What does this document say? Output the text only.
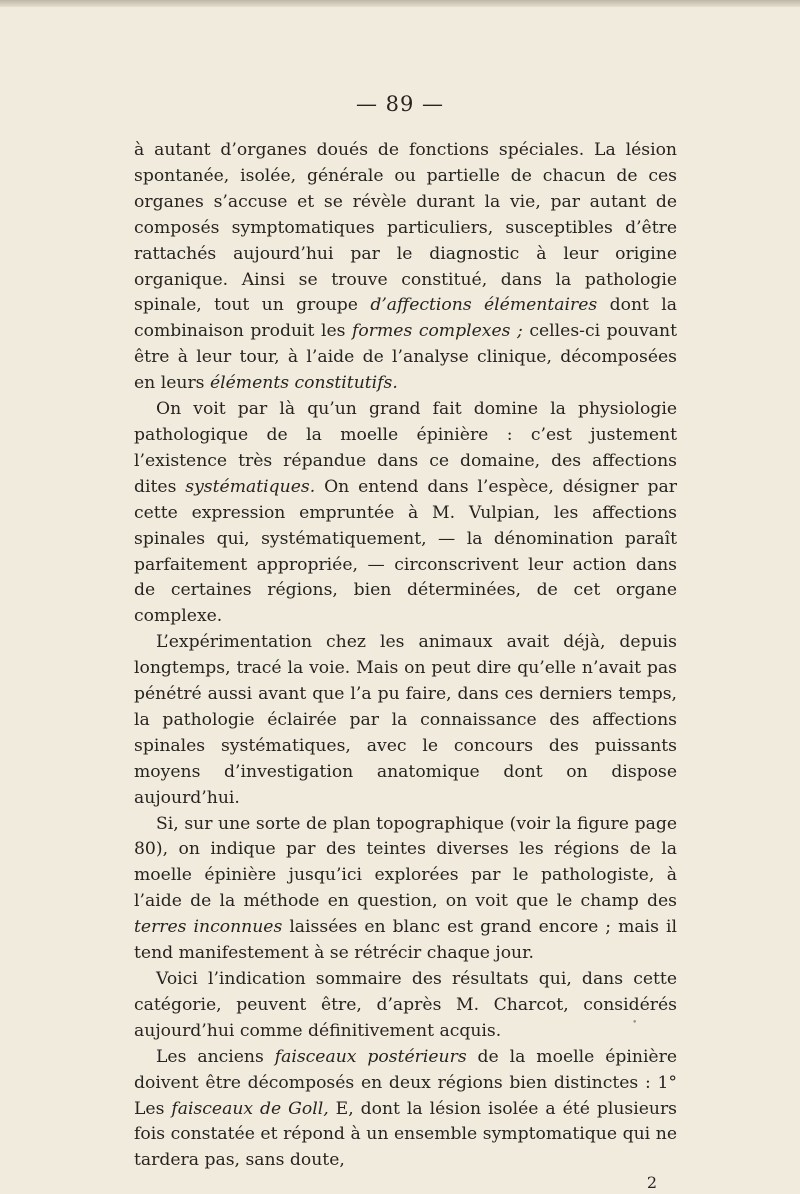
— 89 —

à autant d’organes doués de fonctions spéciales. La lésion spontanée, isolée, générale ou partielle de chacun de ces organes s’accuse et se révèle durant la vie, par autant de composés symptomatiques particuliers, susceptibles d’être rattachés aujourd’hui par le diagnostic à leur origine organique. Ainsi se trouve constitué, dans la pathologie spinale, tout un groupe d’affections élémentaires dont la combinaison produit les formes complexes ; celles-ci pouvant être à leur tour, à l’aide de l’analyse clinique, décomposées en leurs éléments constitutifs.

On voit par là qu’un grand fait domine la physiologie pathologique de la moelle épinière : c’est justement l’existence très répandue dans ce domaine, des affections dites systématiques. On entend dans l’espèce, désigner par cette expression empruntée à M. Vulpian, les affections spinales qui, systématiquement, — la dénomination paraît parfaitement appropriée, — circonscrivent leur action dans de certaines régions, bien déterminées, de cet organe complexe.

L’expérimentation chez les animaux avait déjà, depuis longtemps, tracé la voie. Mais on peut dire qu’elle n’avait pas pénétré aussi avant que l’a pu faire, dans ces derniers temps, la pathologie éclairée par la connaissance des affections spinales systématiques, avec le concours des puissants moyens d’investigation anatomique dont on dispose aujourd’hui.

Si, sur une sorte de plan topographique (voir la figure page 80), on indique par des teintes diverses les régions de la moelle épinière jusqu’ici explorées par le pathologiste, à l’aide de la méthode en question, on voit que le champ des terres inconnues laissées en blanc est grand encore ; mais il tend manifestement à se rétrécir chaque jour.

Voici l’indication sommaire des résultats qui, dans cette catégorie, peuvent être, d’après M. Charcot, considérés aujourd’hui comme définitivement acquis.

Les anciens faisceaux postérieurs de la moelle épinière doivent être décomposés en deux régions bien distinctes : 1° Les faisceaux de Goll, E, dont la lésion isolée a été plusieurs fois constatée et répond à un ensemble symptomatique qui ne tardera pas, sans doute,

2
•
